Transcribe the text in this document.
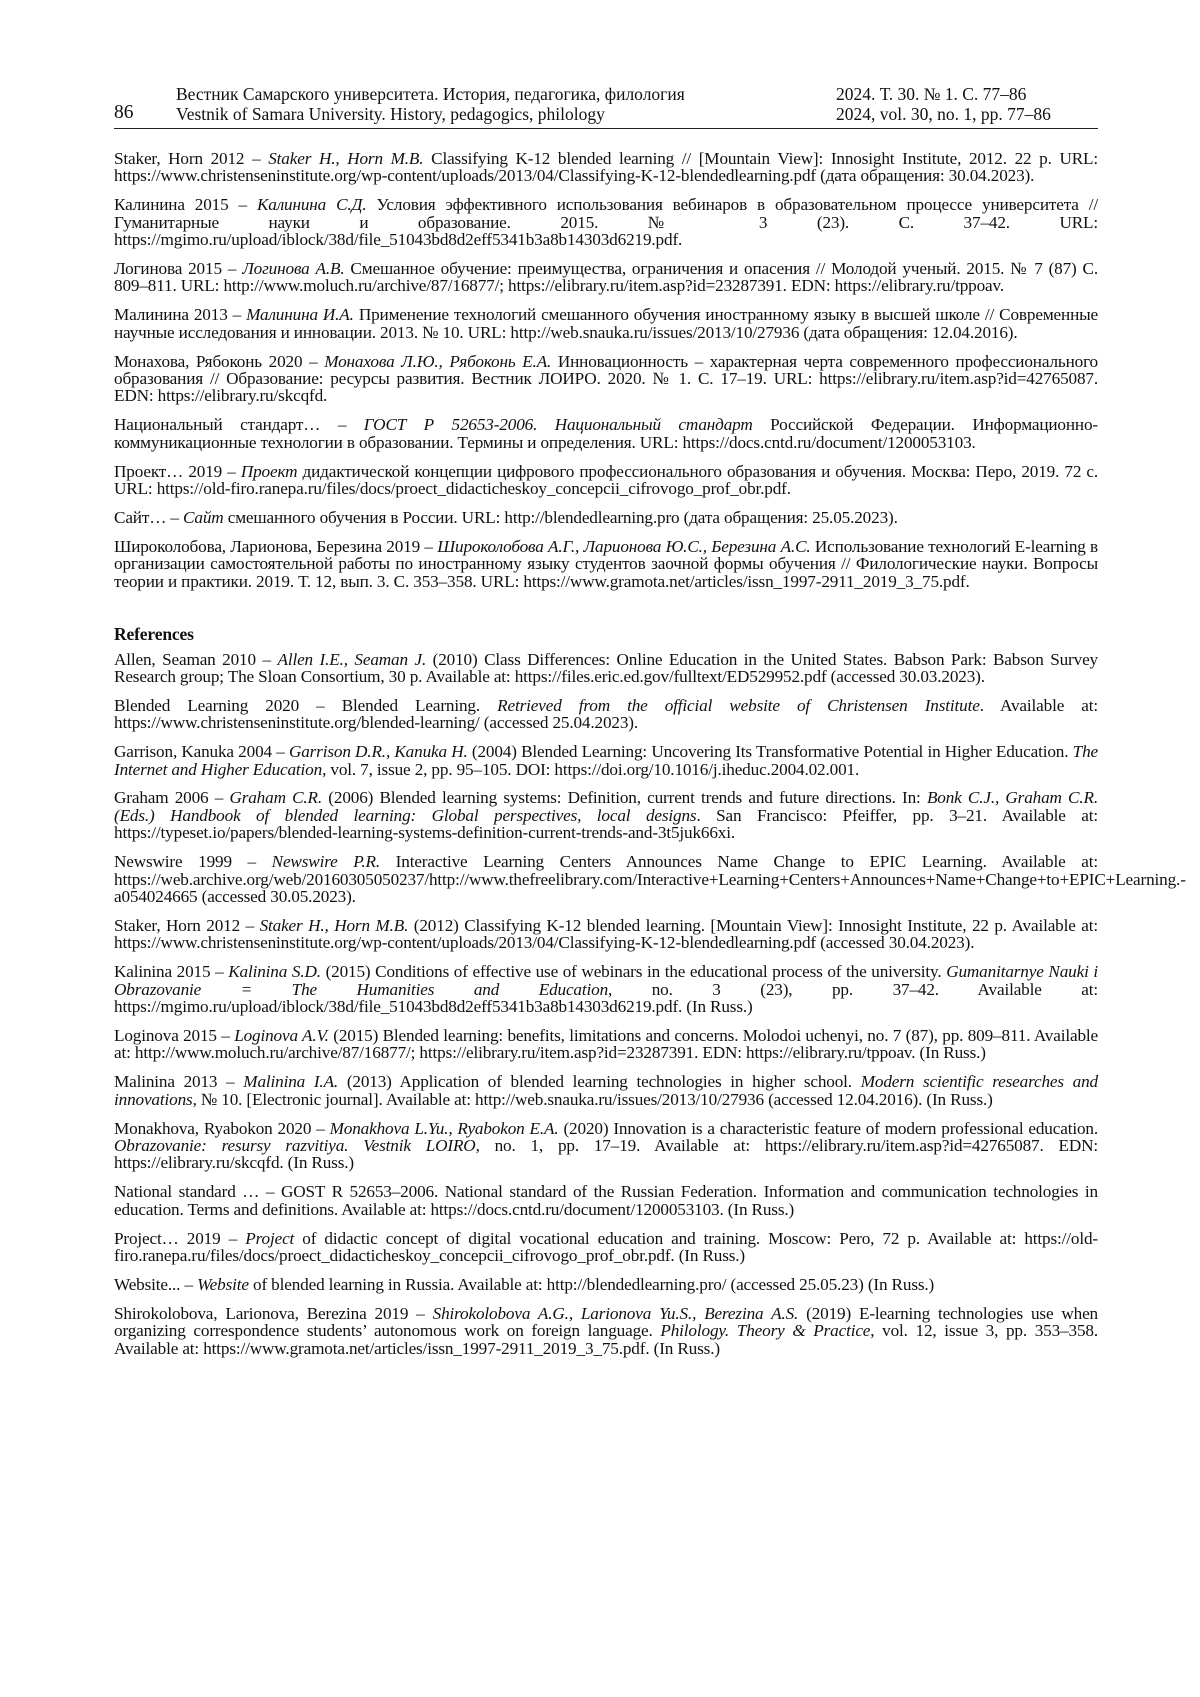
86
Вестник Самарского университета. История, педагогика, филология
Vestnik of Samara University. History, pedagogics, philology
2024. Т. 30. № 1. С. 77–86
2024, vol. 30, no. 1, pp. 77–86

Staker, Horn 2012 – Staker H., Horn M.B. Classifying K-12 blended learning // [Mountain View]: Innosight Institute, 2012. 22 p. URL: https://www.christenseninstitute.org/wp-content/uploads/2013/04/Classifying-K-12-blendedlearning.pdf (дата обращения: 30.04.2023).

Калинина 2015 – Калинина С.Д. Условия эффективного использования вебинаров в образовательном процессе университета // Гуманитарные науки и образование. 2015. № 3 (23). С. 37–42. URL: https://mgimo.ru/upload/iblock/38d/file_51043bd8d2eff5341b3a8b14303d6219.pdf.

Логинова 2015 – Логинова А.В. Смешанное обучение: преимущества, ограничения и опасения // Молодой ученый. 2015. № 7 (87) С. 809–811. URL: http://www.moluch.ru/archive/87/16877/; https://elibrary.ru/item.asp?id=23287391. EDN: https://elibrary.ru/tppoav.

Малинина 2013 – Малинина И.А. Применение технологий смешанного обучения иностранному языку в высшей школе // Современные научные исследования и инновации. 2013. № 10. URL: http://web.snauka.ru/issues/2013/10/27936 (дата обращения: 12.04.2016).

Монахова, Рябоконь 2020 – Монахова Л.Ю., Рябоконь Е.А. Инновационность – характерная черта современного профессионального образования // Образование: ресурсы развития. Вестник ЛОИРО. 2020. № 1. С. 17–19. URL: https://elibrary.ru/item.asp?id=42765087. EDN: https://elibrary.ru/skcqfd.

Национальный стандарт… – ГОСТ Р 52653-2006. Национальный стандарт Российской Федерации. Информационно-коммуникационные технологии в образовании. Термины и определения. URL: https://docs.cntd.ru/document/1200053103.

Проект… 2019 – Проект дидактической концепции цифрового профессионального образования и обучения. Москва: Перо, 2019. 72 с. URL: https://old-firo.ranepa.ru/files/docs/proect_didacticheskoy_concepcii_cifrovogo_prof_obr.pdf.

Сайт… – Сайт смешанного обучения в России. URL: http://blendedlearning.pro (дата обращения: 25.05.2023).

Широколобова, Ларионова, Березина 2019 – Широколобова А.Г., Ларионова Ю.С., Березина А.С. Использование технологий E-learning в организации самостоятельной работы по иностранному языку студентов заочной формы обучения // Филологические науки. Вопросы теории и практики. 2019. Т. 12, вып. 3. С. 353–358. URL: https://www.gramota.net/articles/issn_1997-2911_2019_3_75.pdf.

References

Allen, Seaman 2010 – Allen I.E., Seaman J. (2010) Class Differences: Online Education in the United States. Babson Park: Babson Survey Research group; The Sloan Consortium, 30 p. Available at: https://files.eric.ed.gov/fulltext/ED529952.pdf (accessed 30.03.2023).

Blended Learning 2020 – Blended Learning. Retrieved from the official website of Christensen Institute. Available at: https://www.christenseninstitute.org/blended-learning/ (accessed 25.04.2023).

Garrison, Kanuka 2004 – Garrison D.R., Kanuka H. (2004) Blended Learning: Uncovering Its Transformative Potential in Higher Education. The Internet and Higher Education, vol. 7, issue 2, pp. 95–105. DOI: https://doi.org/10.1016/j.iheduc.2004.02.001.

Graham 2006 – Graham C.R. (2006) Blended learning systems: Definition, current trends and future directions. In: Bonk C.J., Graham C.R. (Eds.) Handbook of blended learning: Global perspectives, local designs. San Francisco: Pfeiffer, pp. 3–21. Available at: https://typeset.io/papers/blended-learning-systems-definition-current-trends-and-3t5juk66xi.

Newswire 1999 – Newswire P.R. Interactive Learning Centers Announces Name Change to EPIC Learning. Available at: https://web.archive.org/web/20160305050237/http://www.thefreelibrary.com/Interactive+Learning+Centers+Announces+Name+Change+to+EPIC+Learning.-a054024665 (accessed 30.05.2023).

Staker, Horn 2012 – Staker H., Horn M.B. (2012) Classifying K-12 blended learning. [Mountain View]: Innosight Institute, 22 p. Available at: https://www.christenseninstitute.org/wp-content/uploads/2013/04/Classifying-K-12-blendedlearning.pdf (accessed 30.04.2023).

Kalinina 2015 – Kalinina S.D. (2015) Conditions of effective use of webinars in the educational process of the university. Gumanitarnye Nauki i Obrazovanie = The Humanities and Education, no. 3 (23), pp. 37–42. Available at: https://mgimo.ru/upload/iblock/38d/file_51043bd8d2eff5341b3a8b14303d6219.pdf. (In Russ.)

Loginova 2015 – Loginova A.V. (2015) Blended learning: benefits, limitations and concerns. Molodoi uchenyi, no. 7 (87), pp. 809–811. Available at: http://www.moluch.ru/archive/87/16877/; https://elibrary.ru/item.asp?id=23287391. EDN: https://elibrary.ru/tppoav. (In Russ.)

Malinina 2013 – Malinina I.A. (2013) Application of blended learning technologies in higher school. Modern scientific researches and innovations, № 10. [Electronic journal]. Available at: http://web.snauka.ru/issues/2013/10/27936 (accessed 12.04.2016). (In Russ.)

Monakhova, Ryabokon 2020 – Monakhova L.Yu., Ryabokon E.A. (2020) Innovation is a characteristic feature of modern professional education. Obrazovanie: resursy razvitiya. Vestnik LOIRO, no. 1, pp. 17–19. Available at: https://elibrary.ru/item.asp?id=42765087. EDN: https://elibrary.ru/skcqfd. (In Russ.)

National standard … – GOST R 52653–2006. National standard of the Russian Federation. Information and communication technologies in education. Terms and definitions. Available at: https://docs.cntd.ru/document/1200053103. (In Russ.)

Project… 2019 – Project of didactic concept of digital vocational education and training. Moscow: Pero, 72 p. Available at: https://old-firo.ranepa.ru/files/docs/proect_didacticheskoy_concepcii_cifrovogo_prof_obr.pdf. (In Russ.)

Website... – Website of blended learning in Russia. Available at: http://blendedlearning.pro/ (accessed 25.05.23) (In Russ.)

Shirokolobova, Larionova, Berezina 2019 – Shirokolobova A.G., Larionova Yu.S., Berezina A.S. (2019) E-learning technologies use when organizing correspondence students’ autonomous work on foreign language. Philology. Theory & Practice, vol. 12, issue 3, pp. 353–358. Available at: https://www.gramota.net/articles/issn_1997-2911_2019_3_75.pdf. (In Russ.)
